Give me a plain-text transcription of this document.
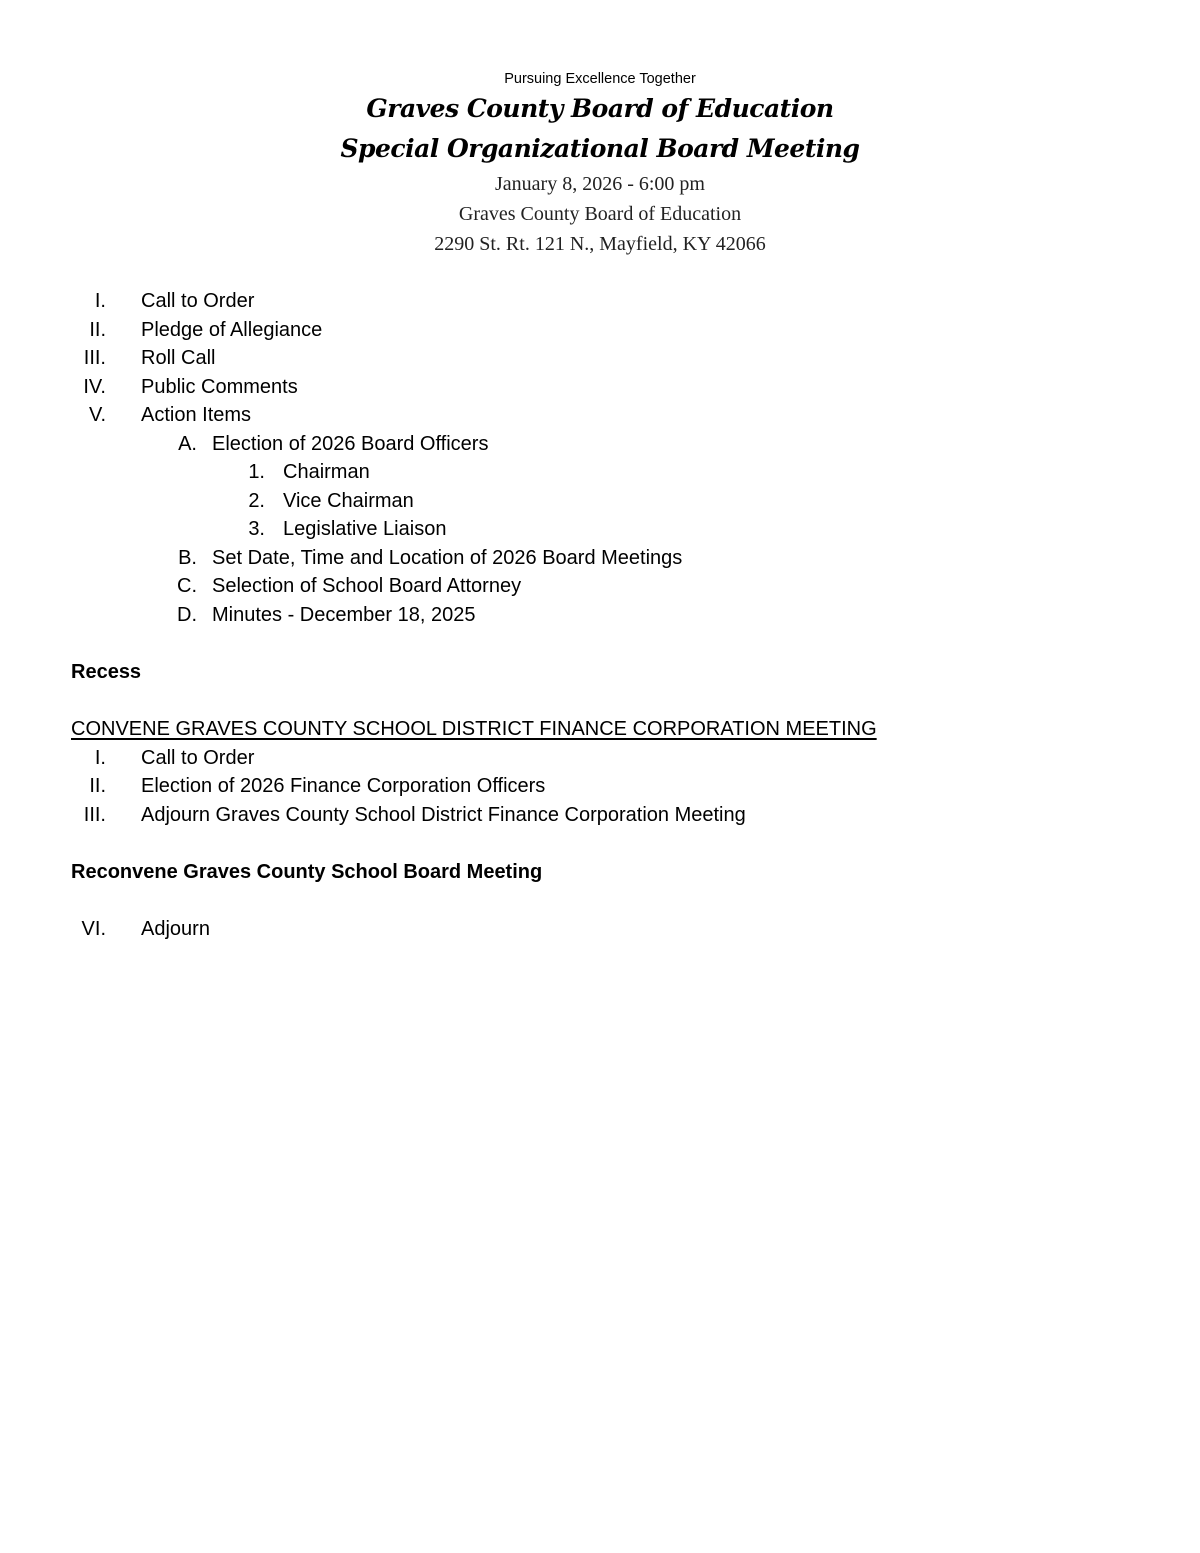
Pursuing Excellence Together
Graves County Board of Education
Special Organizational Board Meeting
January 8, 2026 - 6:00 pm
Graves County Board of Education
2290 St. Rt. 121 N., Mayfield, KY 42066
I. Call to Order
II. Pledge of Allegiance
III. Roll Call
IV. Public Comments
V. Action Items
A. Election of 2026 Board Officers
1. Chairman
2. Vice Chairman
3. Legislative Liaison
B. Set Date, Time and Location of 2026 Board Meetings
C. Selection of School Board Attorney
D. Minutes - December 18, 2025
Recess
CONVENE GRAVES COUNTY SCHOOL DISTRICT FINANCE CORPORATION MEETING
I. Call to Order
II. Election of 2026 Finance Corporation Officers
III. Adjourn Graves County School District Finance Corporation Meeting
Reconvene Graves County School Board Meeting
VI. Adjourn
